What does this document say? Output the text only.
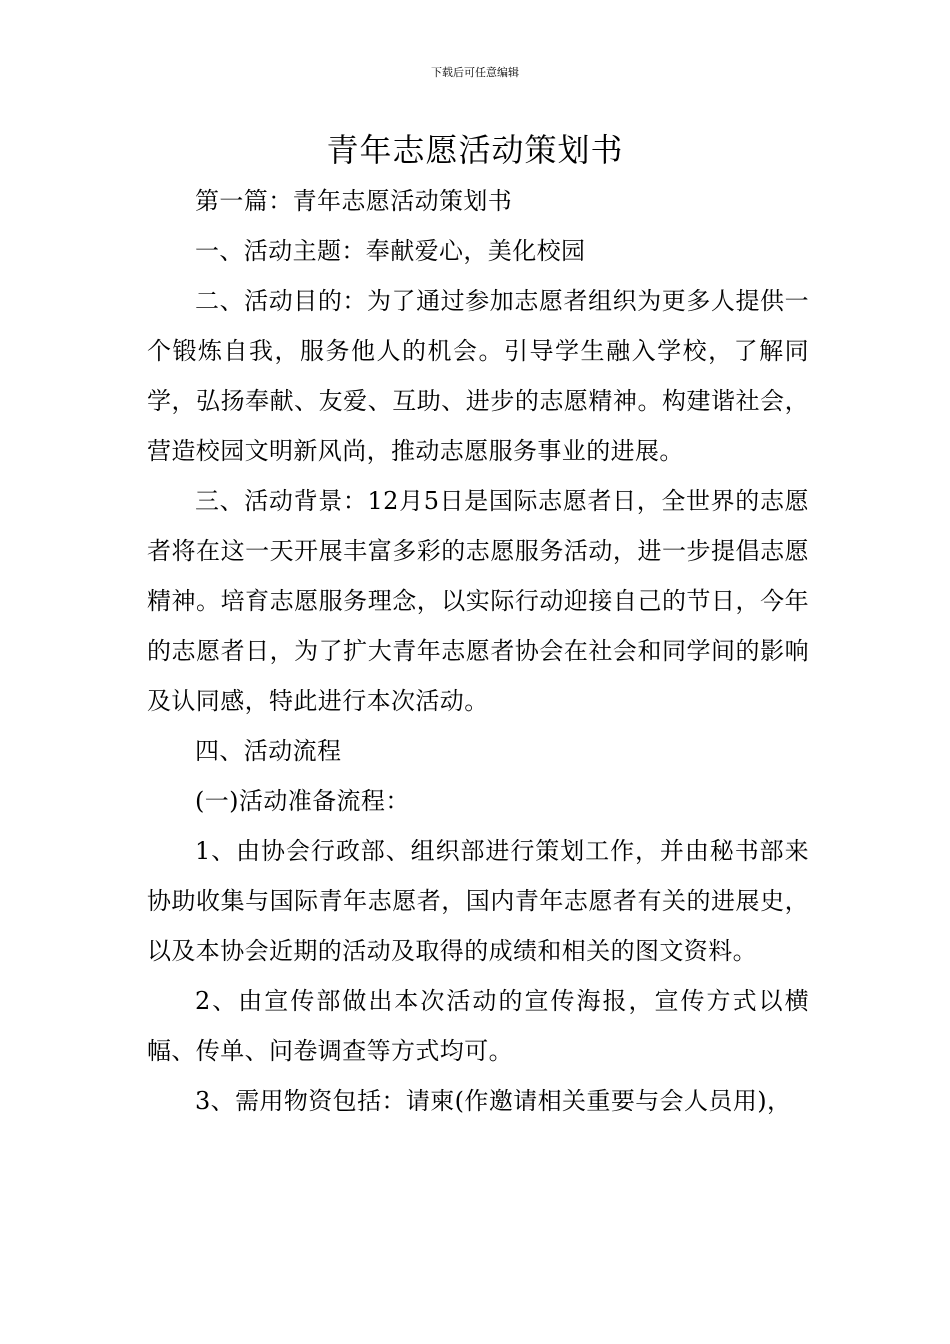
下载后可任意编辑
青年志愿活动策划书

第一篇：青年志愿活动策划书

一、活动主题：奉献爱心，美化校园

二、活动目的：为了通过参加志愿者组织为更多人提供一个锻炼自我，服务他人的机会。引导学生融入学校，了解同学，弘扬奉献、友爱、互助、进步的志愿精神。构建谐社会，营造校园文明新风尚，推动志愿服务事业的进展。

三、活动背景：12月5日是国际志愿者日，全世界的志愿者将在这一天开展丰富多彩的志愿服务活动，进一步提倡志愿精神。培育志愿服务理念，以实际行动迎接自己的节日，今年的志愿者日，为了扩大青年志愿者协会在社会和同学间的影响及认同感，特此进行本次活动。

四、活动流程

(一)活动准备流程：

1、由协会行政部、组织部进行策划工作，并由秘书部来协助收集与国际青年志愿者，国内青年志愿者有关的进展史，以及本协会近期的活动及取得的成绩和相关的图文资料。

2、由宣传部做出本次活动的宣传海报，宣传方式以横幅、传单、问卷调查等方式均可。

3、需用物资包括：请柬(作邀请相关重要与会人员用)，
